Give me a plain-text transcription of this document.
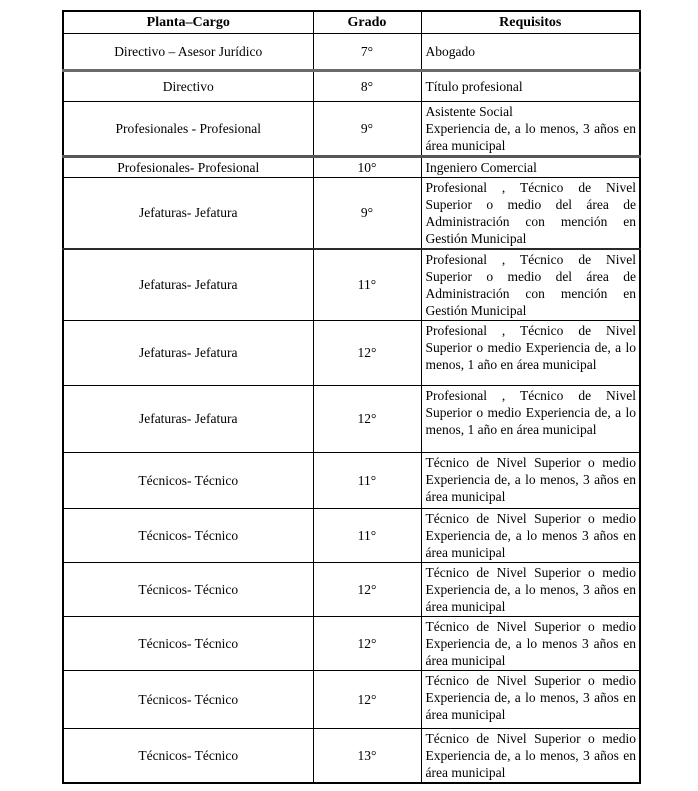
Planta–Cargo	Grado	Requisitos
Directivo – Asesor Jurídico	7°	Abogado

Directivo	8°	Título profesional

Profesionales - Profesional	9°	Asistente Social
Experiencia de, a lo menos, 3 años en área municipal

Profesionales- Profesional	10°	Ingeniero Comercial

Jefaturas- Jefatura	9°	Profesional , Técnico de Nivel Superior o medio del área de Administración con mención en Gestión Municipal

Jefaturas- Jefatura	11°	Profesional , Técnico de Nivel Superior o medio del área de Administración con mención en Gestión Municipal

Jefaturas- Jefatura	12°	Profesional , Técnico de Nivel Superior o medio Experiencia de, a lo menos, 1 año en área municipal

Jefaturas- Jefatura	12°	Profesional , Técnico de Nivel Superior o medio Experiencia de, a lo menos, 1 año en área municipal

Técnicos- Técnico	11°	Técnico de Nivel Superior o medio Experiencia de, a lo menos, 3 años en área municipal

Técnicos- Técnico	11°	Técnico de Nivel Superior o medio Experiencia de, a lo menos 3 años en área municipal

Técnicos- Técnico	12°	Técnico de Nivel Superior o medio Experiencia de, a lo menos, 3 años en área municipal

Técnicos- Técnico	12°	Técnico de Nivel Superior o medio Experiencia de, a lo menos 3 años en área municipal

Técnicos- Técnico	12°	Técnico de Nivel Superior o medio Experiencia de, a lo menos, 3 años en área municipal

Técnicos- Técnico	13°	Técnico de Nivel Superior o medio Experiencia de, a lo menos, 3 años en área municipal
